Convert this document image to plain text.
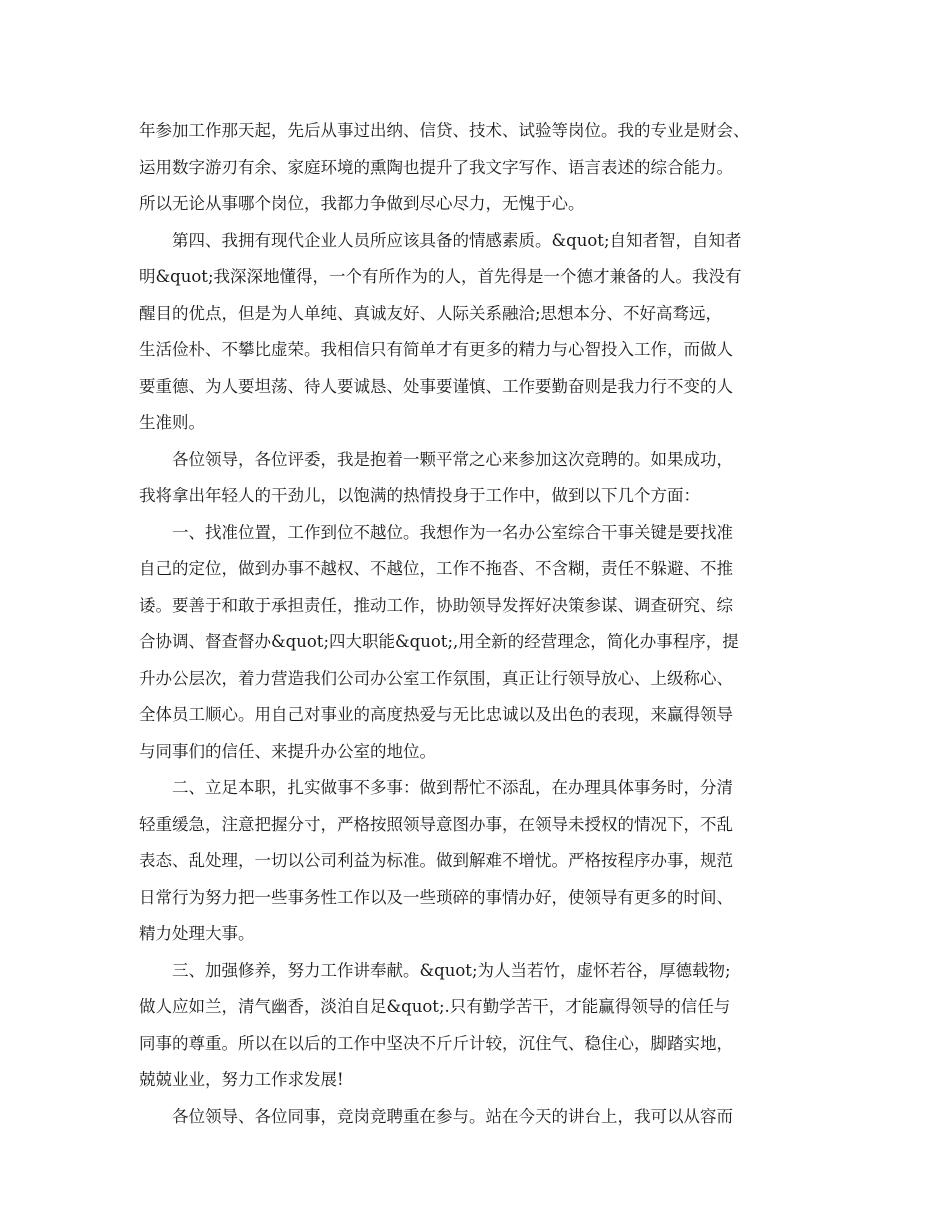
年参加工作那天起，先后从事过出纳、信贷、技术、试验等岗位。我的专业是财会、
运用数字游刃有余、家庭环境的熏陶也提升了我文字写作、语言表述的综合能力。
所以无论从事哪个岗位，我都力争做到尽心尽力，无愧于心。
　　第四、我拥有现代企业人员所应该具备的情感素质。&quot;自知者智，自知者
明&quot;我深深地懂得，一个有所作为的人，首先得是一个德才兼备的人。我没有
醒目的优点，但是为人单纯、真诚友好、人际关系融洽;思想本分、不好高骛远，
生活俭朴、不攀比虚荣。我相信只有简单才有更多的精力与心智投入工作，而做人
要重德、为人要坦荡、待人要诚恳、处事要谨慎、工作要勤奋则是我力行不变的人
生准则。
　　各位领导，各位评委，我是抱着一颗平常之心来参加这次竞聘的。如果成功，
我将拿出年轻人的干劲儿，以饱满的热情投身于工作中，做到以下几个方面：
　　一、找准位置，工作到位不越位。我想作为一名办公室综合干事关键是要找准
自己的定位，做到办事不越权、不越位，工作不拖沓、不含糊，责任不躲避、不推
诿。要善于和敢于承担责任，推动工作，协助领导发挥好决策参谋、调查研究、综
合协调、督查督办&quot;四大职能&quot;,用全新的经营理念，简化办事程序，提
升办公层次，着力营造我们公司办公室工作氛围，真正让行领导放心、上级称心、
全体员工顺心。用自己对事业的高度热爱与无比忠诚以及出色的表现，来赢得领导
与同事们的信任、来提升办公室的地位。
　　二、立足本职，扎实做事不多事：做到帮忙不添乱，在办理具体事务时，分清
轻重缓急，注意把握分寸，严格按照领导意图办事，在领导未授权的情况下，不乱
表态、乱处理，一切以公司利益为标准。做到解难不增忧。严格按程序办事，规范
日常行为努力把一些事务性工作以及一些琐碎的事情办好，使领导有更多的时间、
精力处理大事。
　　三、加强修养，努力工作讲奉献。&quot;为人当若竹，虚怀若谷，厚德载物;
做人应如兰，清气幽香，淡泊自足&quot;.只有勤学苦干，才能赢得领导的信任与
同事的尊重。所以在以后的工作中坚决不斤斤计较，沉住气、稳住心，脚踏实地，
兢兢业业，努力工作求发展!
　　各位领导、各位同事，竞岗竞聘重在参与。站在今天的讲台上，我可以从容而
